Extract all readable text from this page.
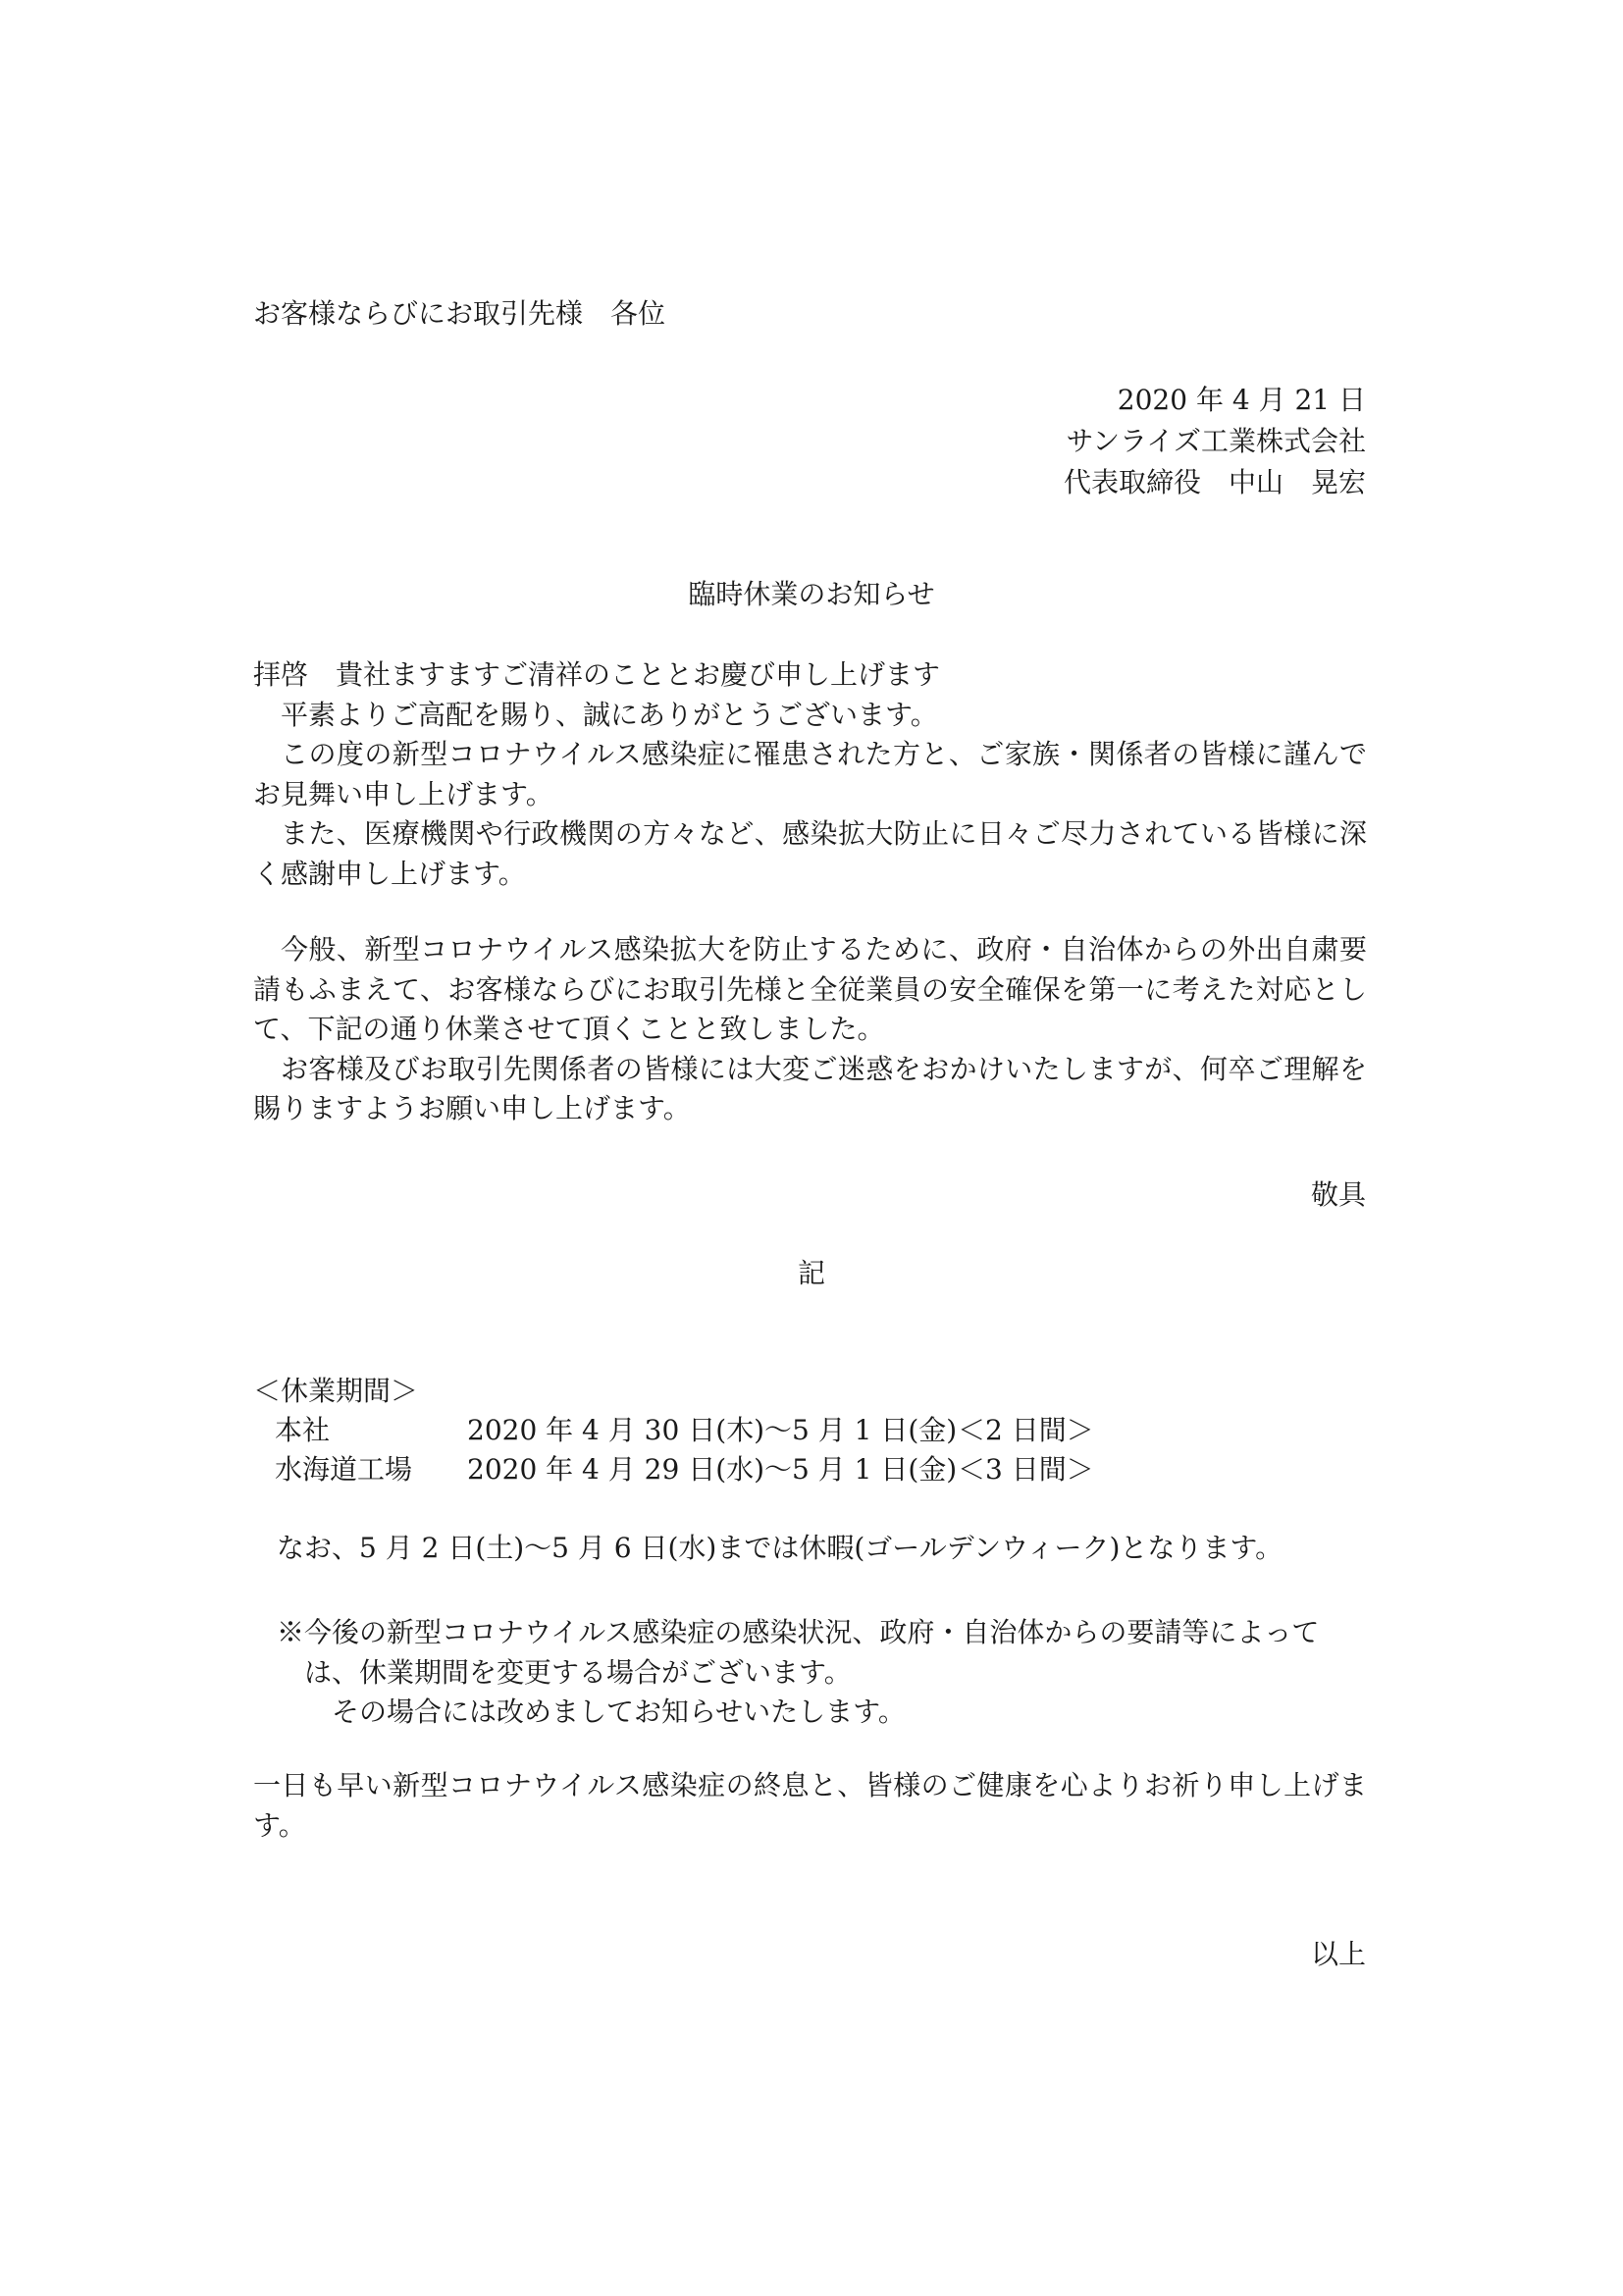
お客様ならびにお取引先様　各位
2020 年 4 月 21 日
サンライズ工業株式会社
代表取締役　中山　晃宏
臨時休業のお知らせ

拝啓　貴社ますますご清祥のこととお慶び申し上げます

平素よりご高配を賜り、誠にありがとうございます。

この度の新型コロナウイルス感染症に罹患された方と、ご家族・関係者の皆様に謹んでお見舞い申し上げます。

また、医療機関や行政機関の方々など、感染拡大防止に日々ご尽力されている皆様に深く感謝申し上げます。

今般、新型コロナウイルス感染拡大を防止するために、政府・自治体からの外出自粛要請もふまえて、お客様ならびにお取引先様と全従業員の安全確保を第一に考えた対応として、下記の通り休業させて頂くことと致しました。

お客様及びお取引先関係者の皆様には大変ご迷惑をおかけいたしますが、何卒ご理解を賜りますようお願い申し上げます。

敬具
記
＜休業期間＞
本社	2020 年 4 月 30 日(木)～5 月 1 日(金)＜2 日間＞
水海道工場 2020 年 4 月 29 日(水)～5 月 1 日(金)＜3 日間＞
なお、5 月 2 日(土)～5 月 6 日(水)までは休暇(ゴールデンウィーク)となります。

※今後の新型コロナウイルス感染症の感染状況、政府・自治体からの要請等によっては、休業期間を変更する場合がございます。

その場合には改めましてお知らせいたします。

一日も早い新型コロナウイルス感染症の終息と、皆様のご健康を心よりお祈り申し上げます。

以上
